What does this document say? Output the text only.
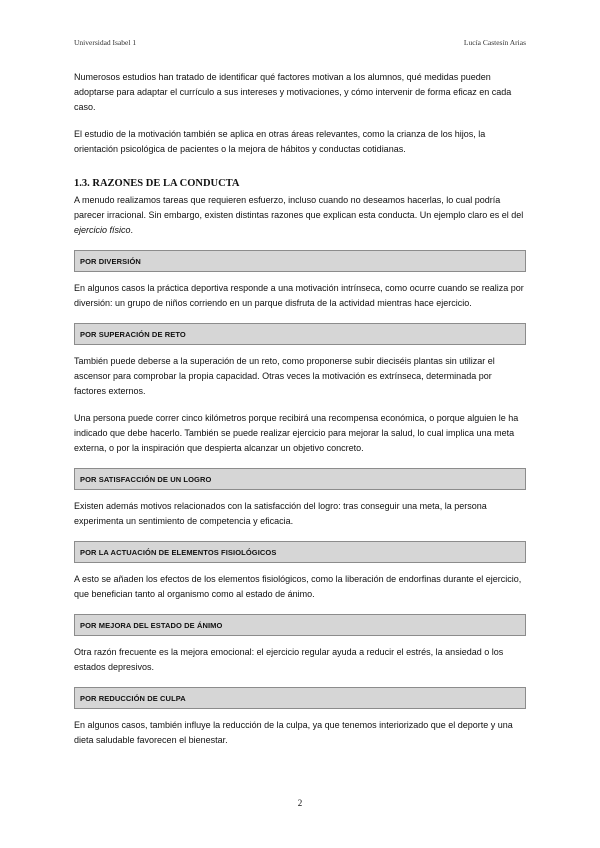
Universidad Isabel 1	Lucía Castesín Arias

Numerosos estudios han tratado de identificar qué factores motivan a los alumnos, qué medidas pueden adoptarse para adaptar el currículo a sus intereses y motivaciones, y cómo intervenir de forma eficaz en cada caso.

El estudio de la motivación también se aplica en otras áreas relevantes, como la crianza de los hijos, la orientación psicológica de pacientes o la mejora de hábitos y conductas cotidianas.

1.3. RAZONES DE LA CONDUCTA

A menudo realizamos tareas que requieren esfuerzo, incluso cuando no deseamos hacerlas, lo cual podría parecer irracional. Sin embargo, existen distintas razones que explican esta conducta. Un ejemplo claro es el del ejercicio físico.

POR DIVERSIÓN

En algunos casos la práctica deportiva responde a una motivación intrínseca, como ocurre cuando se realiza por diversión: un grupo de niños corriendo en un parque disfruta de la actividad mientras hace ejercicio.

POR SUPERACIÓN DE RETO

También puede deberse a la superación de un reto, como proponerse subir dieciséis plantas sin utilizar el ascensor para comprobar la propia capacidad. Otras veces la motivación es extrínseca, determinada por factores externos.

Una persona puede correr cinco kilómetros porque recibirá una recompensa económica, o porque alguien le ha indicado que debe hacerlo. También se puede realizar ejercicio para mejorar la salud, lo cual implica una meta externa, o por la inspiración que despierta alcanzar un objetivo concreto.

POR SATISFACCIÓN DE UN LOGRO

Existen además motivos relacionados con la satisfacción del logro: tras conseguir una meta, la persona experimenta un sentimiento de competencia y eficacia.

POR LA ACTUACIÓN DE ELEMENTOS FISIOLÓGICOS

A esto se añaden los efectos de los elementos fisiológicos, como la liberación de endorfinas durante el ejercicio, que benefician tanto al organismo como al estado de ánimo.

POR MEJORA DEL ESTADO DE ÁNIMO

Otra razón frecuente es la mejora emocional: el ejercicio regular ayuda a reducir el estrés, la ansiedad o los estados depresivos.

POR REDUCCIÓN DE CULPA

En algunos casos, también influye la reducción de la culpa, ya que tenemos interiorizado que el deporte y una dieta saludable favorecen el bienestar.

2
